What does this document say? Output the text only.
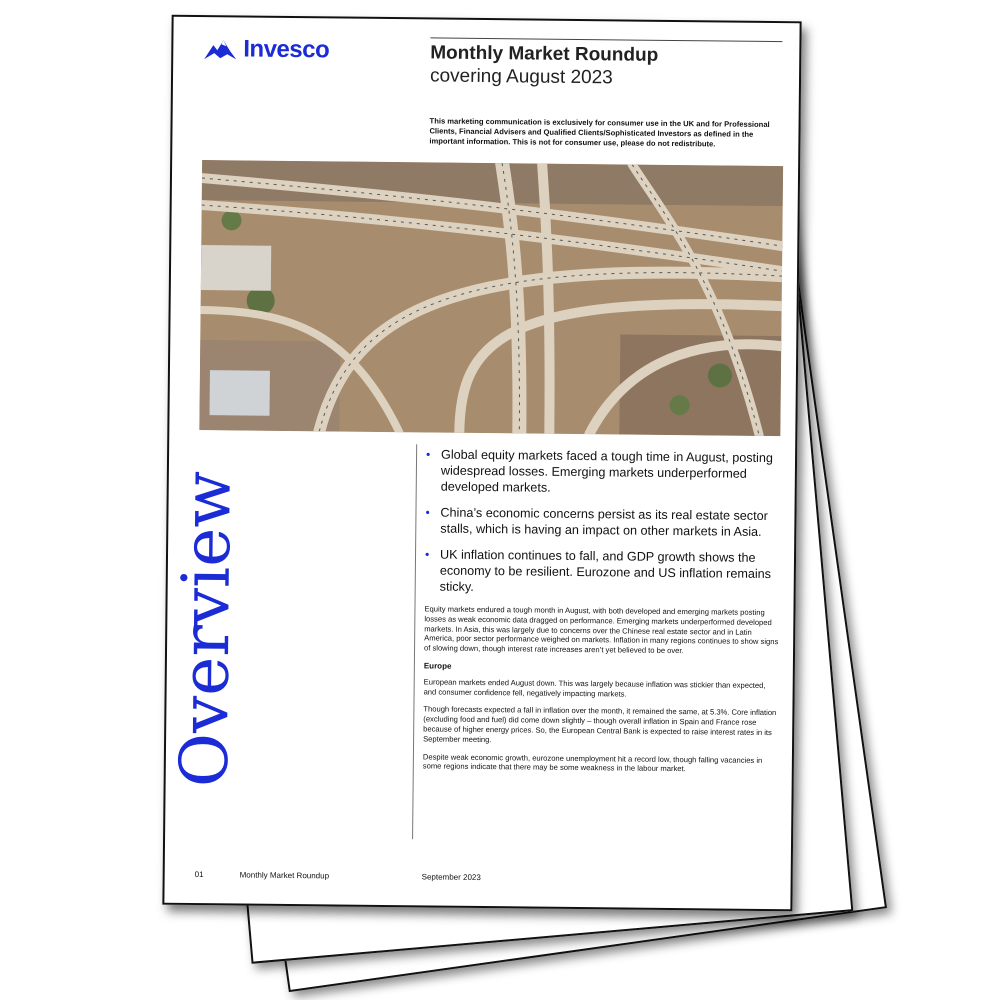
Invesco	Monthly Market Roundup
covering August 2023
This marketing communication is exclusively for consumer use in the UK and for Professional Clients, Financial Advisers and Qualified Clients/Sophisticated Investors as defined in the important information. This is not for consumer use, please do not redistribute.
Overview
• Global equity markets faced a tough time in August, posting widespread losses. Emerging markets underperformed developed markets.
• China’s economic concerns persist as its real estate sector stalls, which is having an impact on other markets in Asia.
• UK inflation continues to fall, and GDP growth shows the economy to be resilient. Eurozone and US inflation remains sticky.

Equity markets endured a tough month in August, with both developed and emerging markets posting losses as weak economic data dragged on performance. Emerging markets underperformed developed markets. In Asia, this was largely due to concerns over the Chinese real estate sector and in Latin America, poor sector performance weighed on markets. Inflation in many regions continues to show signs of slowing down, though interest rate increases aren’t yet believed to be over.

Europe

European markets ended August down. This was largely because inflation was stickier than expected, and consumer confidence fell, negatively impacting markets.

Though forecasts expected a fall in inflation over the month, it remained the same, at 5.3%. Core inflation (excluding food and fuel) did come down slightly – though overall inflation in Spain and France rose because of higher energy prices. So, the European Central Bank is expected to raise interest rates in its September meeting.

Despite weak economic growth, eurozone unemployment hit a record low, though falling vacancies in some regions indicate that there may be some weakness in the labour market.

01	Monthly Market Roundup	September 2023
